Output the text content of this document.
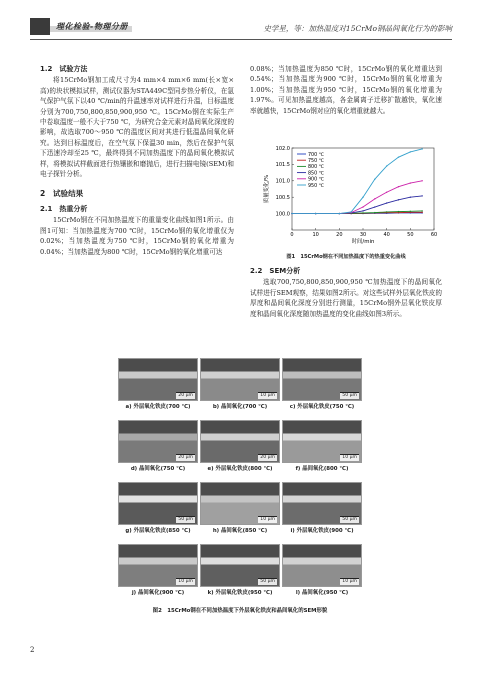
理化检验-物理分册	史学星，等：加热温度对15CrMo钢晶间氧化行为的影响
1.2　试验方法
将15CrMo钢加工成尺寸为4 mm×4 mm×6 mm(长×宽×高)的块状模拟试样，测试仪器为STA449C型同步热分析仪，在氩气保护气氛下以40 ℃/min的升温速率对试样进行升温，目标温度分别为700,750,800,850,900,950 ℃。15CrMo钢在实际生产中卷取温度一般不大于750 ℃，为研究合金元素对晶间氧化深度的影响，故选取700～950 ℃的温度区间对其进行低温晶间氧化研究。达到目标温度后，在空气氛下保温30 min，然后在保护气氛下迅速冷却至25 ℃，最终得到不同加热温度下的晶间氧化模拟试样，将模拟试样截面进行热镶嵌和磨抛后，进行扫描电镜(SEM)和电子探针分析。
2　试验结果
2.1　热重分析
15CrMo钢在不同加热温度下的重量变化曲线如图1所示。由图1可知：当加热温度为700 ℃时，15CrMo钢的氧化增重仅为0.02%；当加热温度为750 ℃时，15CrMo钢的氧化增重为0.04%；当加热温度为800 ℃时，15CrMo钢的氧化增重可达
0.08%；当加热温度为850 ℃时，15CrMo钢的氧化增重达到0.54%；当加热温度为900 ℃时，15CrMo钢的氧化增重为1.00%；当加热温度为950 ℃时，15CrMo钢的氧化增重为1.97%。可见加热温度越高，各金属离子迁移扩散越快，氧化速率就越快，15CrMo钢对应的氧化增重就越大。
0	10	20	30	40	50	60
100.0
100.5
101.0
101.5
102.0
时间/min
质量变化/%
700 ℃
750 ℃
800 ℃
850 ℃
900 ℃
950 ℃
图1　15CrMo钢在不同加热温度下的热重变化曲线
2.2　SEM分析
选取700,750,800,850,900,950 ℃加热温度下的晶间氧化试样进行SEM观察，结果如图2所示。对这些试样外层氧化铁皮的厚度和晶间氧化深度分别进行测量，15CrMo钢外层氧化铁皮厚度和晶间氧化深度随加热温度的变化曲线如图3所示。
20 μm
a) 外层氧化铁皮(700 ℃)
10 μm
b) 晶间氧化(700 ℃)
50 μm
c) 外层氧化铁皮(750 ℃)
20 μm
d) 晶间氧化(750 ℃)
20 μm
e) 外层氧化铁皮(800 ℃)
10 μm
f) 晶间氧化(800 ℃)
50 μm
g) 外层氧化铁皮(850 ℃)
10 μm
h) 晶间氧化(850 ℃)
50 μm
i) 外层氧化铁皮(900 ℃)
10 μm
j) 晶间氧化(900 ℃)
50 μm
k) 外层氧化铁皮(950 ℃)
10 μm
l) 晶间氧化(950 ℃)
图2　15CrMo钢在不同加热温度下外层氧化铁皮和晶间氧化的SEM形貌
2
